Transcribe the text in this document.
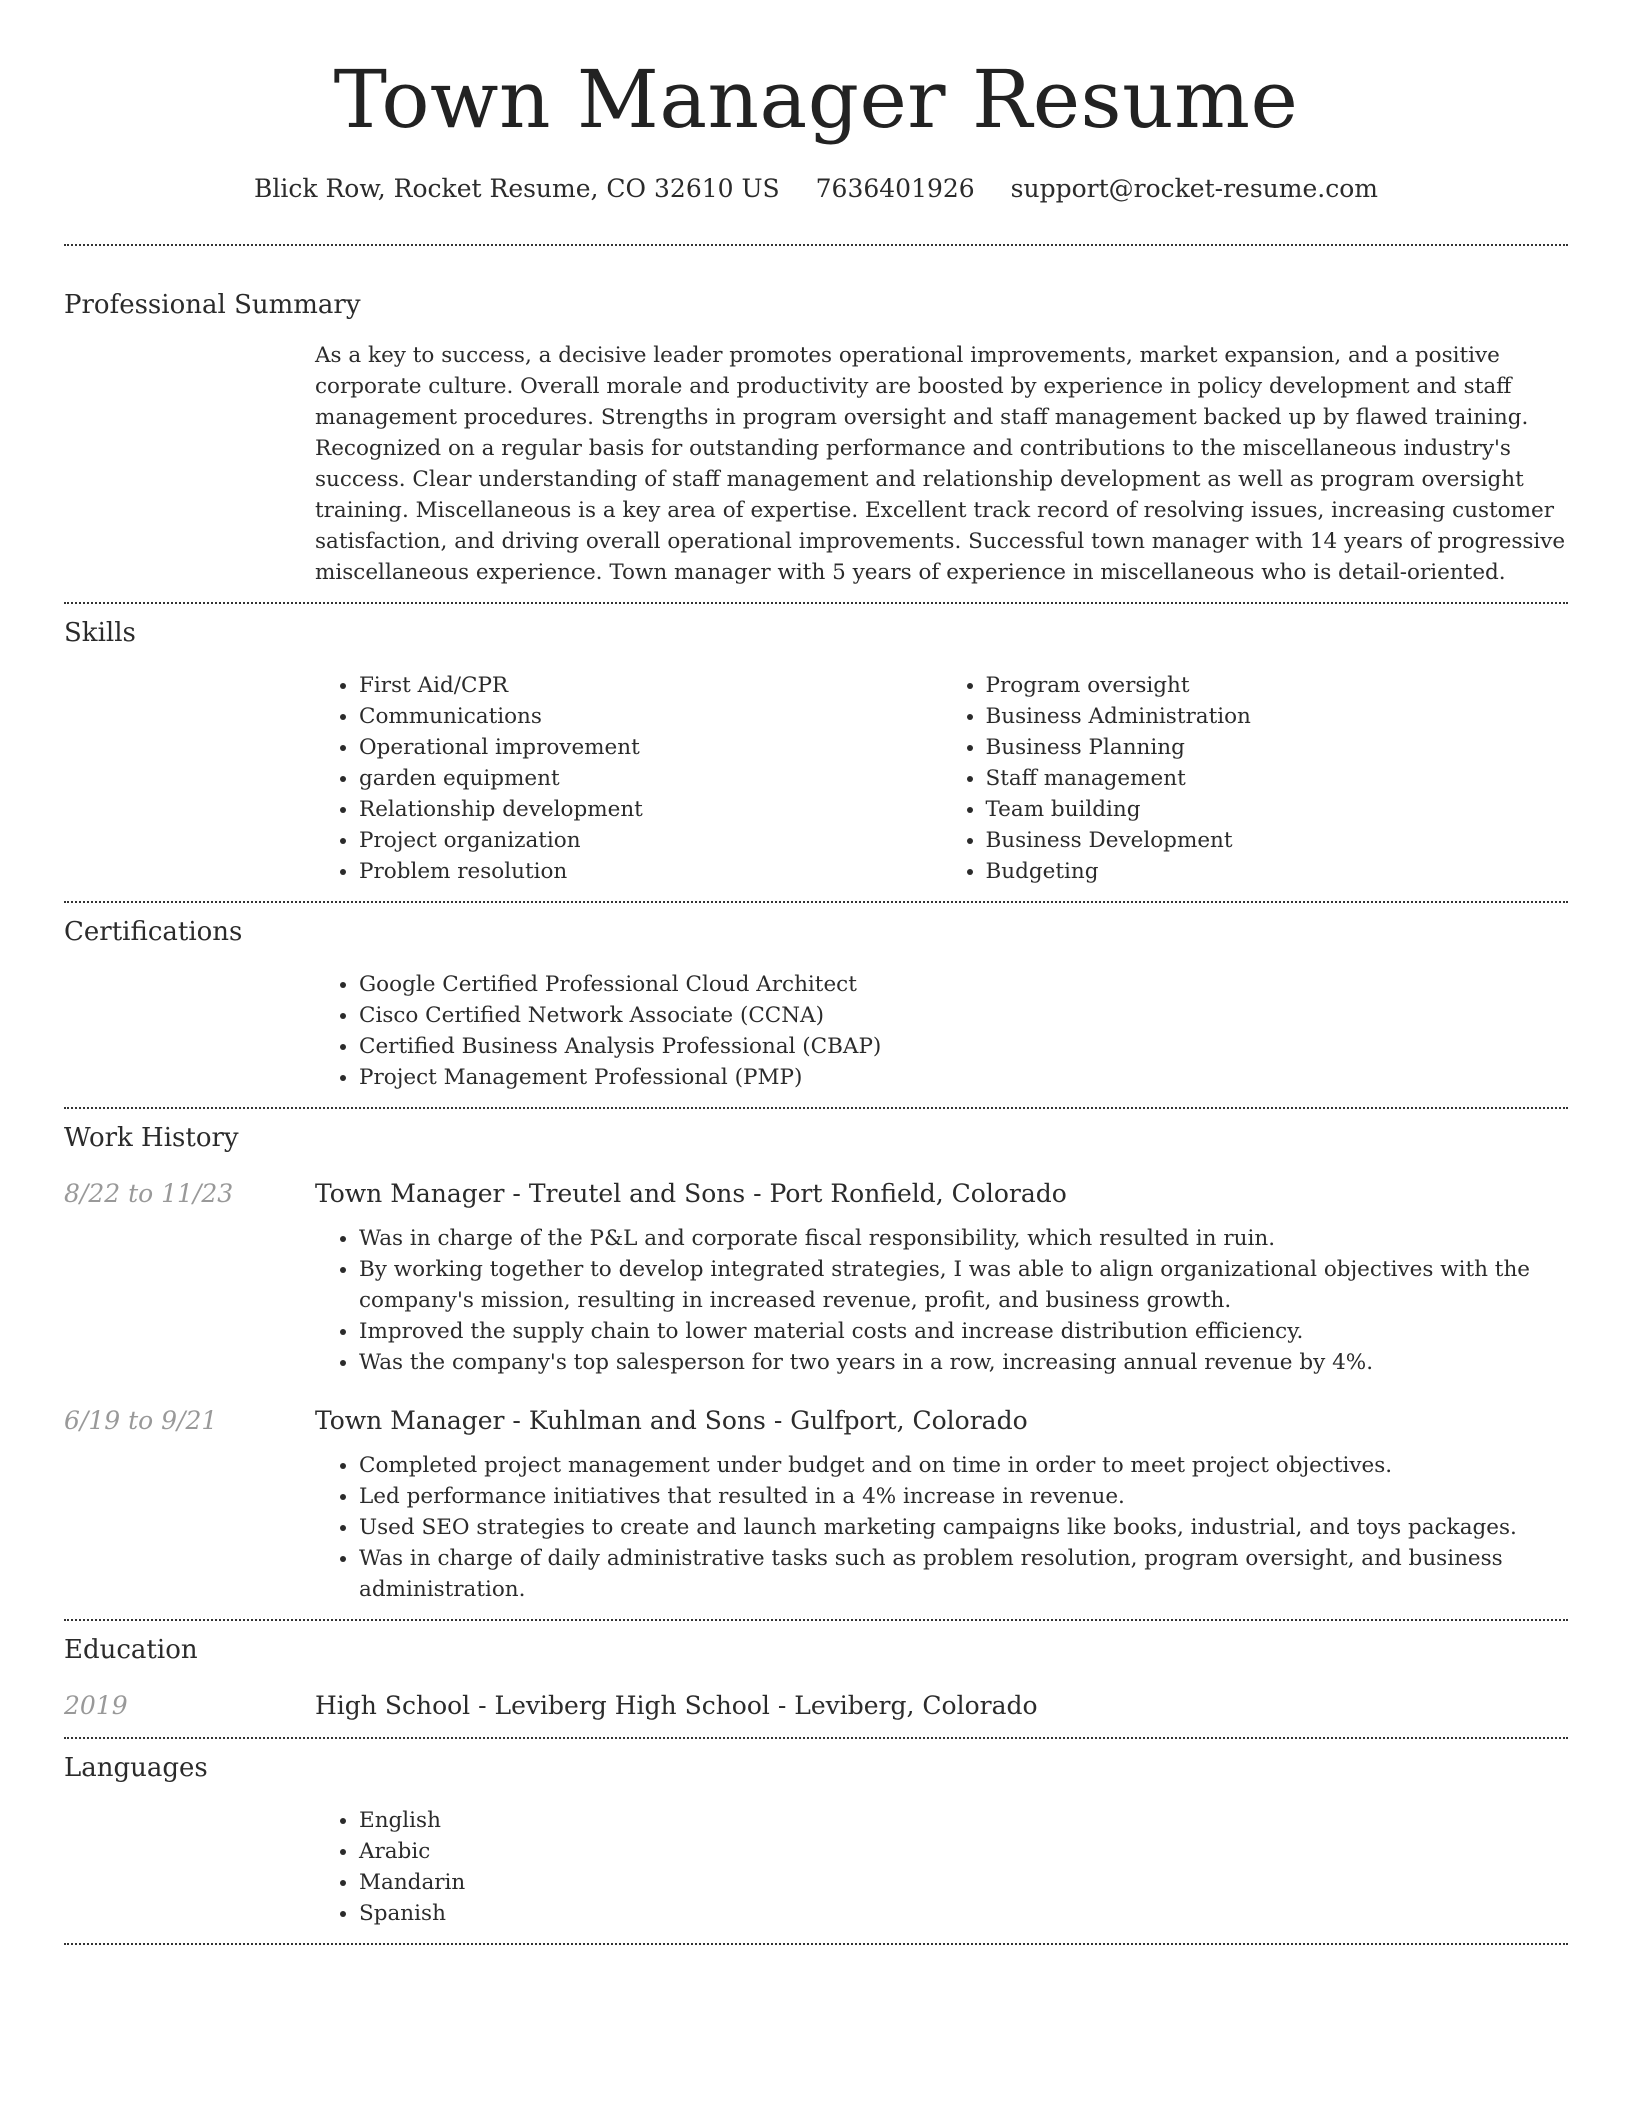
Town Manager Resume
Blick Row, Rocket Resume, CO 32610 US 7636401926 support@rocket-resume.com
Professional Summary

As a key to success, a decisive leader promotes operational improvements, market expansion, and a positive corporate culture. Overall morale and productivity are boosted by experience in policy development and staff management procedures. Strengths in program oversight and staff management backed up by flawed training. Recognized on a regular basis for outstanding performance and contributions to the miscellaneous industry's success. Clear understanding of staff management and relationship development as well as program oversight training. Miscellaneous is a key area of expertise. Excellent track record of resolving issues, increasing customer satisfaction, and driving overall operational improvements. Successful town manager with 14 years of progressive miscellaneous experience. Town manager with 5 years of experience in miscellaneous who is detail-oriented.

Skills
• First Aid/CPR
• Communications
• Operational improvement
• garden equipment
• Relationship development
• Project organization
• Problem resolution
• Program oversight
• Business Administration
• Business Planning
• Staff management
• Team building
• Business Development
• Budgeting
Certifications
• Google Certified Professional Cloud Architect
• Cisco Certified Network Associate (CCNA)
• Certified Business Analysis Professional (CBAP)
• Project Management Professional (PMP)
Work History
8/22 to 11/23	Town Manager - Treutel and Sons - Port Ronfield, Colorado
• Was in charge of the P&L and corporate fiscal responsibility, which resulted in ruin.
• By working together to develop integrated strategies, I was able to align organizational objectives with the company's mission, resulting in increased revenue, profit, and business growth.
• Improved the supply chain to lower material costs and increase distribution efficiency.
• Was the company's top salesperson for two years in a row, increasing annual revenue by 4%.
6/19 to 9/21	Town Manager - Kuhlman and Sons - Gulfport, Colorado
• Completed project management under budget and on time in order to meet project objectives.
• Led performance initiatives that resulted in a 4% increase in revenue.
• Used SEO strategies to create and launch marketing campaigns like books, industrial, and toys packages.
• Was in charge of daily administrative tasks such as problem resolution, program oversight, and business administration.
Education
2019	High School - Leviberg High School - Leviberg, Colorado
Languages
• English
• Arabic
• Mandarin
• Spanish
